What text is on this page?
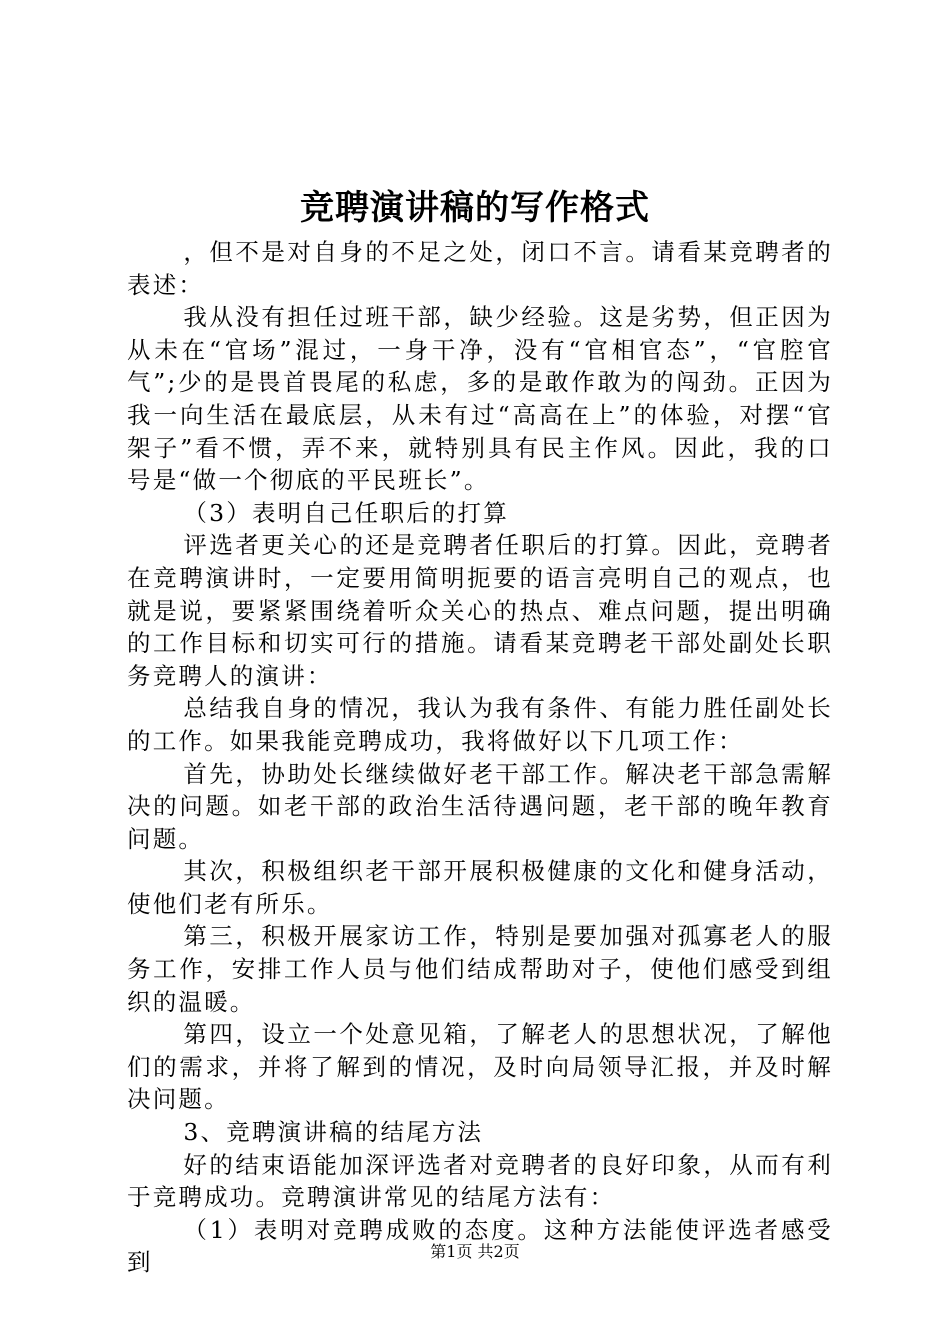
竞聘演讲稿的写作格式

，但不是对自身的不足之处，闭口不言。请看某竞聘者的表述：

我从没有担任过班干部，缺少经验。这是劣势，但正因为从未在“官场”混过，一身干净，没有“官相官态”，“官腔官气”;少的是畏首畏尾的私虑，多的是敢作敢为的闯劲。正因为我一向生活在最底层，从未有过“高高在上”的体验，对摆“官架子”看不惯，弄不来，就特别具有民主作风。因此，我的口号是“做一个彻底的平民班长”。

（3）表明自己任职后的打算

评选者更关心的还是竞聘者任职后的打算。因此，竞聘者在竞聘演讲时，一定要用简明扼要的语言亮明自己的观点，也就是说，要紧紧围绕着听众关心的热点、难点问题，提出明确的工作目标和切实可行的措施。请看某竞聘老干部处副处长职务竞聘人的演讲：

总结我自身的情况，我认为我有条件、有能力胜任副处长的工作。如果我能竞聘成功，我将做好以下几项工作：

首先，协助处长继续做好老干部工作。解决老干部急需解决的问题。如老干部的政治生活待遇问题，老干部的晚年教育问题。

其次，积极组织老干部开展积极健康的文化和健身活动，使他们老有所乐。

第三，积极开展家访工作，特别是要加强对孤寡老人的服务工作，安排工作人员与他们结成帮助对子，使他们感受到组织的温暖。

第四，设立一个处意见箱，了解老人的思想状况，了解他们的需求，并将了解到的情况，及时向局领导汇报，并及时解决问题。

3、竞聘演讲稿的结尾方法

好的结束语能加深评选者对竞聘者的良好印象，从而有利于竞聘成功。竞聘演讲常见的结尾方法有：

（1）表明对竞聘成败的态度。这种方法能使评选者感受到	第1页 共2页
